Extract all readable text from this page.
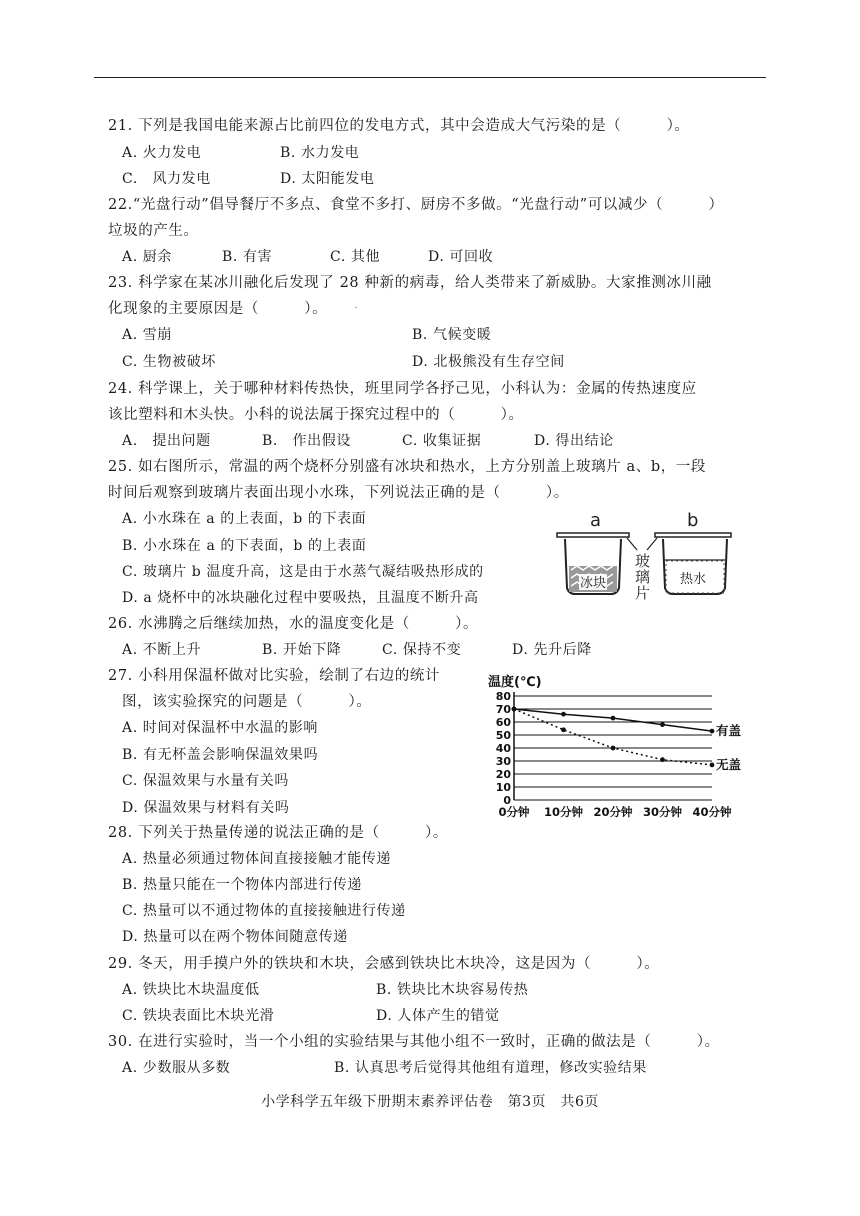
21. 下列是我国电能来源占比前四位的发电方式，其中会造成大气污染的是（　　　）。
A. 火力发电	B. 水力发电
C.　风力发电	D. 太阳能发电
22.“光盘行动”倡导餐厅不多点、食堂不多打、厨房不多做。“光盘行动”可以减少（　　　）
垃圾的产生。
A. 厨余	B. 有害	C. 其他	D. 可回收
23. 科学家在某冰川融化后发现了 28 种新的病毒，给人类带来了新威胁。大家推测冰川融
化现象的主要原因是（　　　）。
A. 雪崩	B. 气候变暖
C. 生物被破坏	D. 北极熊没有生存空间
24. 科学课上，关于哪种材料传热快，班里同学各抒己见，小科认为：金属的传热速度应
该比塑料和木头快。小科的说法属于探究过程中的（　　　）。
A.　提出问题	B.　作出假设	C. 收集证据	D. 得出结论
25. 如右图所示，常温的两个烧杯分别盛有冰块和热水，上方分别盖上玻璃片 a、b，一段
时间后观察到玻璃片表面出现小水珠，下列说法正确的是（　　　）。
A. 小水珠在 a 的上表面，b 的下表面
B. 小水珠在 a 的下表面，b 的上表面
C. 玻璃片 b 温度升高，这是由于水蒸气凝结吸热形成的
D. a 烧杯中的冰块融化过程中要吸热，且温度不断升高
a	b
冰块
玻
璃
片
玻璃片
热水
26. 水沸腾之后继续加热，水的温度变化是（　　　）。
A. 不断上升	B. 开始下降	C. 保持不变	D. 先升后降
27. 小科用保温杯做对比实验，绘制了右边的统计
图，该实验探究的问题是（　　　）。
A. 时间对保温杯中水温的影响
B. 有无杯盖会影响保温效果吗
C. 保温效果与水量有关吗
D. 保温效果与材料有关吗
温度(℃)
80
70
60
50
40
30
20
10
0
0分钟 10分钟 20分钟 30分钟 40分钟
有盖
无盖
28. 下列关于热量传递的说法正确的是（　　　）。
A. 热量必须通过物体间直接接触才能传递
B. 热量只能在一个物体内部进行传递
C. 热量可以不通过物体的直接接触进行传递
D. 热量可以在两个物体间随意传递
29. 冬天，用手摸户外的铁块和木块，会感到铁块比木块冷，这是因为（　　　）。
A. 铁块比木块温度低	B. 铁块比木块容易传热
C. 铁块表面比木块光滑	D. 人体产生的错觉
30. 在进行实验时，当一个小组的实验结果与其他小组不一致时，正确的做法是（　　　）。
A. 少数服从多数	B. 认真思考后觉得其他组有道理，修改实验结果
小学科学五年级下册期末素养评估卷　第3页　共6页
